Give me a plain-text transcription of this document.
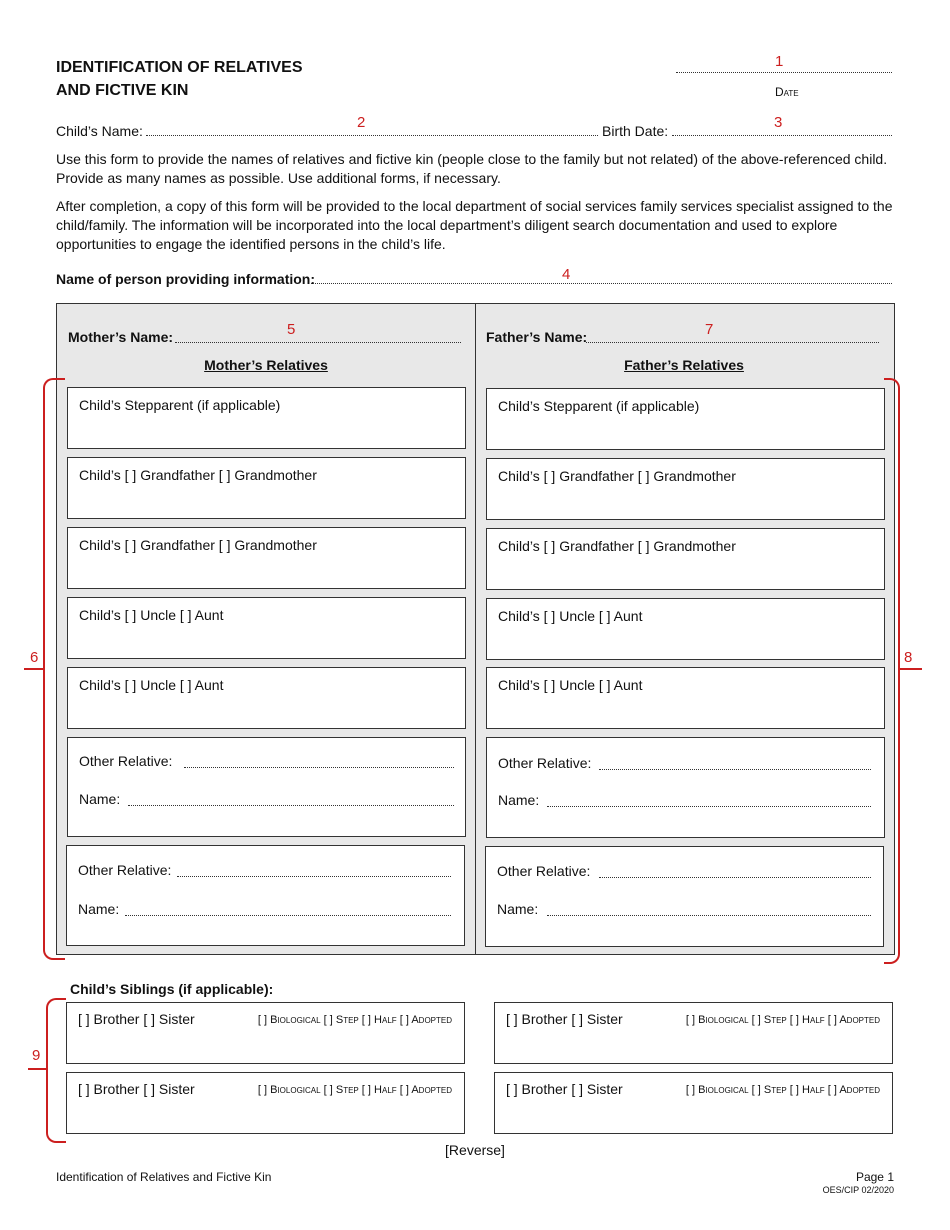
IDENTIFICATION OF RELATIVES
AND FICTIVE KIN
1
Date
Child’s Name:	2	Birth Date:	3
Use this form to provide the names of relatives and fictive kin (people close to the family but not related) of the above-referenced child. Provide as many names as possible. Use additional forms, if necessary.
After completion, a copy of this form will be provided to the local department of social services family services specialist assigned to the child/family. The information will be incorporated into the local department’s diligent search documentation and used to explore opportunities to engage the identified persons in the child’s life.
Name of person providing information:	4
Mother’s Name:	5
Mother’s Relatives
Father’s Name:	7
Father’s Relatives
Child’s Stepparent (if applicable)
Child’s [ ] Grandfather [ ] Grandmother
Child’s [ ] Grandfather [ ] Grandmother
Child’s [ ] Uncle [ ] Aunt
Child’s [ ] Uncle [ ] Aunt
Other Relative:
Name:
Other Relative:
Name:
Child’s Stepparent (if applicable)
Child’s [ ] Grandfather [ ] Grandmother
Child’s [ ] Grandfather [ ] Grandmother
Child’s [ ] Uncle [ ] Aunt
Child’s [ ] Uncle [ ] Aunt
Other Relative:
Name:
Other Relative:
Name:
6	8
Child’s Siblings (if applicable):
[ ] Brother [ ] Sister	[ ] Biological [ ] Step [ ] Half [ ] Adopted
[ ] Brother [ ] Sister	[ ] Biological [ ] Step [ ] Half [ ] Adopted
[ ] Brother [ ] Sister	[ ] Biological [ ] Step [ ] Half [ ] Adopted
[ ] Brother [ ] Sister	[ ] Biological [ ] Step [ ] Half [ ] Adopted
9
[Reverse]
Identification of Relatives and Fictive Kin	Page 1
OES/CIP 02/2020
